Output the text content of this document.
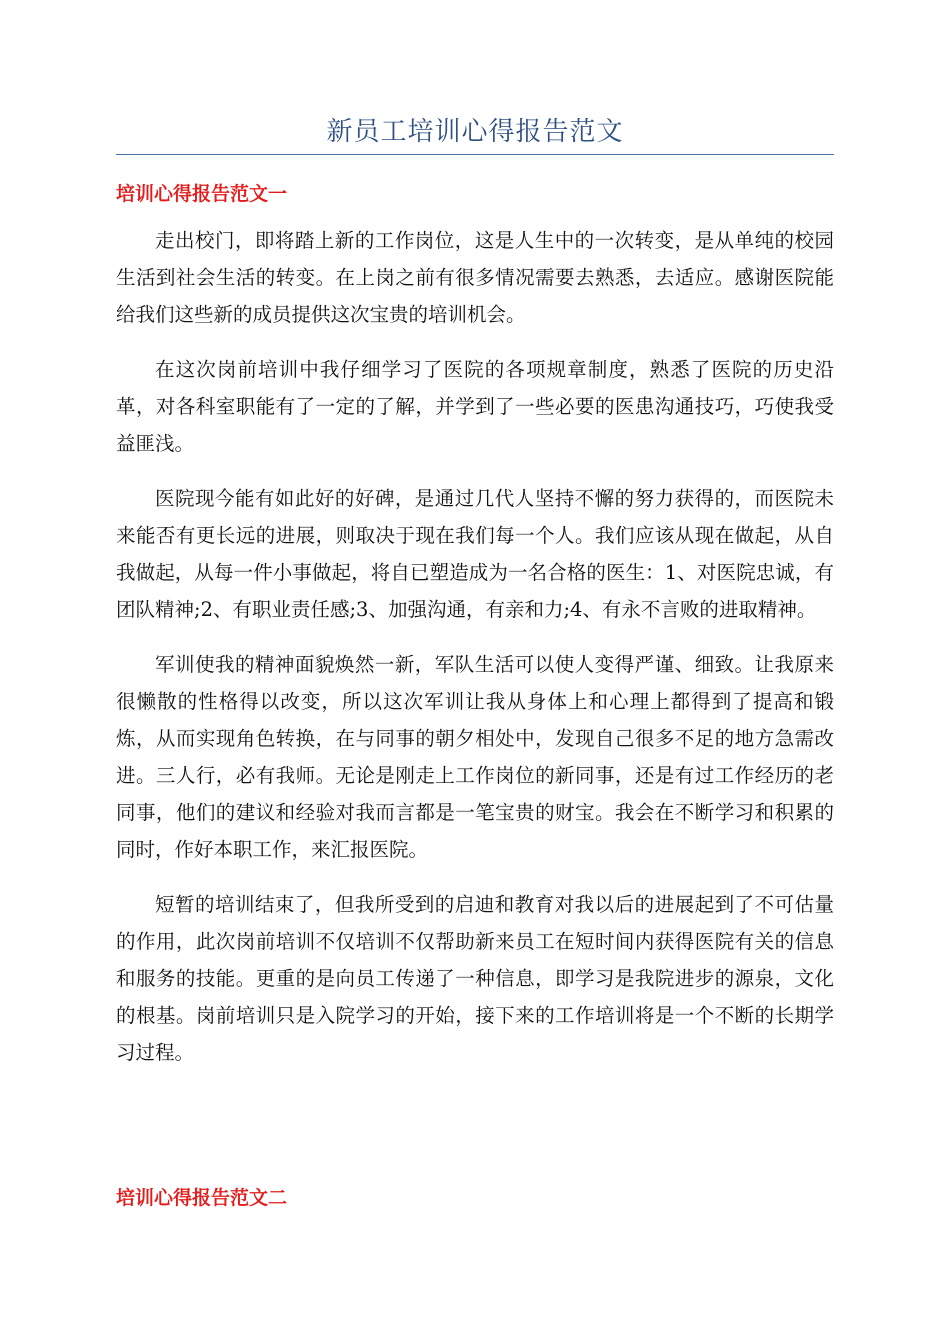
新员工培训心得报告范文
培训心得报告范文一

走出校门，即将踏上新的工作岗位，这是人生中的一次转变，是从单纯的校园生活到社会生活的转变。在上岗之前有很多情况需要去熟悉，去适应。感谢医院能给我们这些新的成员提供这次宝贵的培训机会。

在这次岗前培训中我仔细学习了医院的各项规章制度，熟悉了医院的历史沿革，对各科室职能有了一定的了解，并学到了一些必要的医患沟通技巧，巧使我受益匪浅。

医院现今能有如此好的好碑，是通过几代人坚持不懈的努力获得的，而医院未来能否有更长远的进展，则取决于现在我们每一个人。我们应该从现在做起，从自我做起，从每一件小事做起，将自已塑造成为一名合格的医生：1、对医院忠诚，有团队精神;2、有职业责任感;3、加强沟通，有亲和力;4、有永不言败的进取精神。

军训使我的精神面貌焕然一新，军队生活可以使人变得严谨、细致。让我原来很懒散的性格得以改变，所以这次军训让我从身体上和心理上都得到了提高和锻炼，从而实现角色转换，在与同事的朝夕相处中，发现自己很多不足的地方急需改进。三人行，必有我师。无论是刚走上工作岗位的新同事，还是有过工作经历的老同事，他们的建议和经验对我而言都是一笔宝贵的财宝。我会在不断学习和积累的同时，作好本职工作，来汇报医院。

短暂的培训结束了，但我所受到的启迪和教育对我以后的进展起到了不可估量的作用，此次岗前培训不仅培训不仅帮助新来员工在短时间内获得医院有关的信息和服务的技能。更重的是向员工传递了一种信息，即学习是我院进步的源泉，文化的根基。岗前培训只是入院学习的开始，接下来的工作培训将是一个不断的长期学习过程。

培训心得报告范文二
